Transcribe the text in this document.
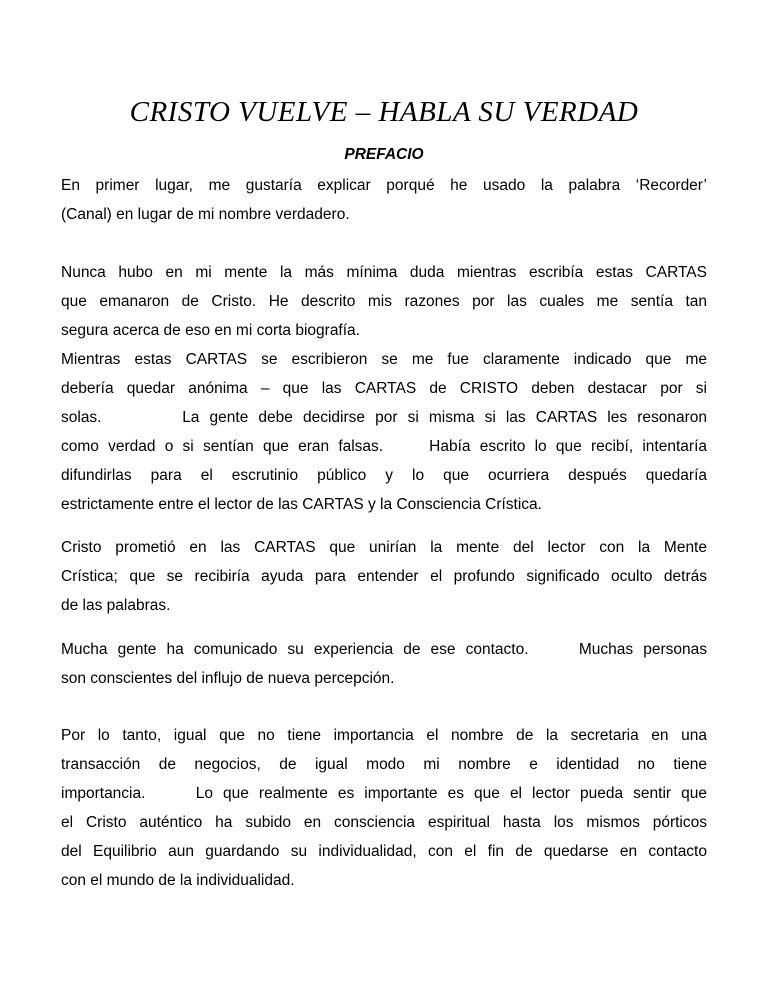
CRISTO VUELVE – HABLA SU VERDAD
PREFACIO
En primer lugar, me gustaría explicar porqué he usado la palabra ‘Recorder’
(Canal) en lugar de mi nombre verdadero.
Nunca hubo en mi mente la más mínima duda mientras escribía estas CARTAS
que emanaron de Cristo. He descrito mis razones por las cuales me sentía tan
segura acerca de eso en mi corta biografía.
Mientras estas CARTAS se escribieron se me fue claramente indicado que me
debería quedar anónima – que las CARTAS de CRISTO deben destacar por si
solas.        La gente debe decidirse por si misma si las CARTAS les resonaron
como verdad o si sentían que eran falsas.     Había escrito lo que recibí, intentaría
difundirlas para el escrutinio público y lo que ocurriera después quedaría
estrictamente entre el lector de las CARTAS y la Consciencia Crística.
Cristo prometió en las CARTAS que unirían la mente del lector con la Mente
Crística; que se recibiría ayuda para entender el profundo significado oculto detrás
de las palabras.
Mucha gente ha comunicado su experiencia de ese contacto.     Muchas personas
son conscientes del influjo de nueva percepción.
Por lo tanto, igual que no tiene importancia el nombre de la secretaria en una
transacción de negocios, de igual modo mi nombre e identidad no tiene
importancia.     Lo que realmente es importante es que el lector pueda sentir que
el Cristo auténtico ha subido en consciencia espiritual hasta los mismos pórticos
del Equilibrio aun guardando su individualidad, con el fin de quedarse en contacto
con el mundo de la individualidad.
